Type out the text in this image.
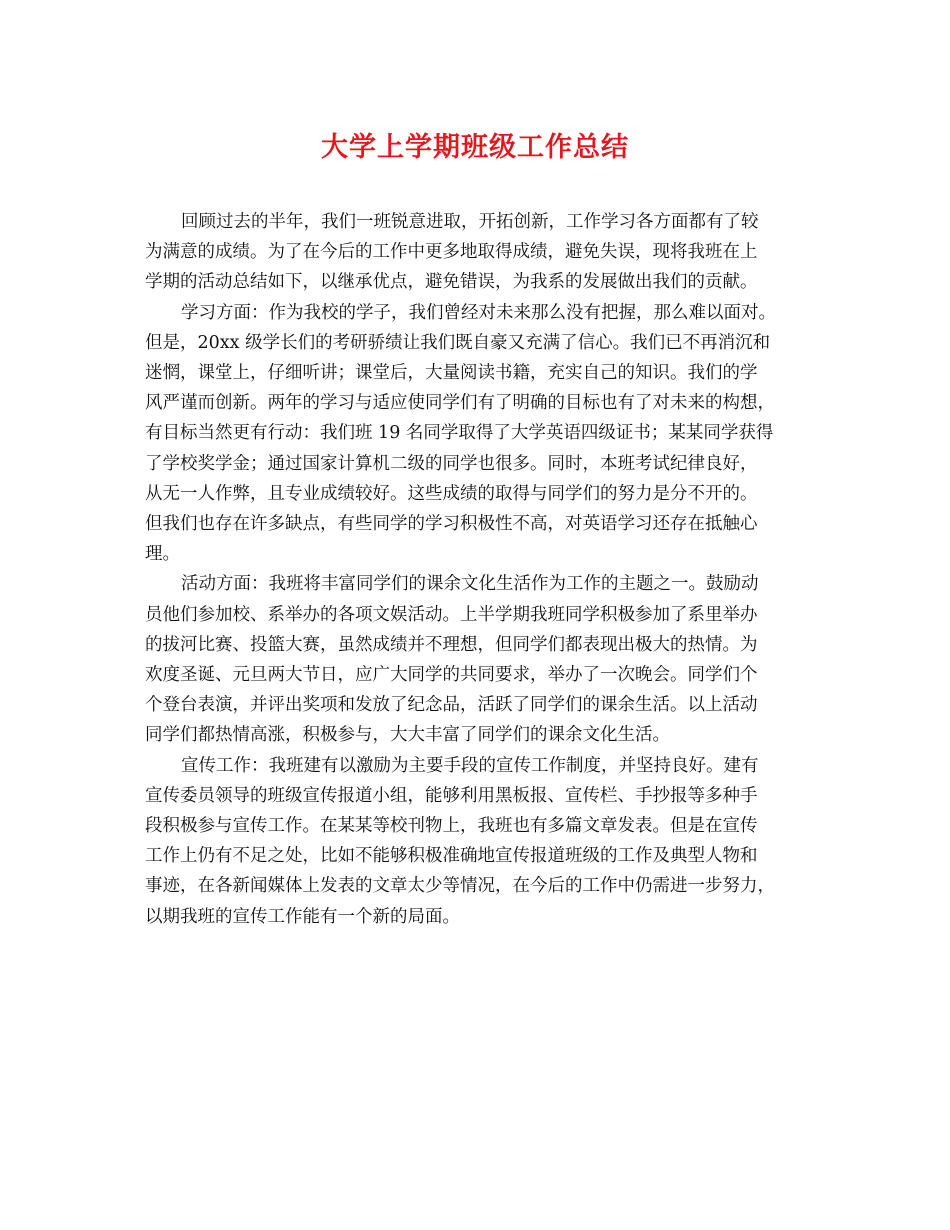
大学上学期班级工作总结

回顾过去的半年，我们一班锐意进取，开拓创新，工作学习各方面都有了较
为满意的成绩。为了在今后的工作中更多地取得成绩，避免失误，现将我班在上
学期的活动总结如下，以继承优点，避免错误，为我系的发展做出我们的贡献。

学习方面：作为我校的学子，我们曾经对未来那么没有把握，那么难以面对。
但是，20xx 级学长们的考研骄绩让我们既自豪又充满了信心。我们已不再消沉和
迷惘，课堂上，仔细听讲；课堂后，大量阅读书籍，充实自己的知识。我们的学
风严谨而创新。两年的学习与适应使同学们有了明确的目标也有了对未来的构想，
有目标当然更有行动：我们班 19 名同学取得了大学英语四级证书；某某同学获得
了学校奖学金；通过国家计算机二级的同学也很多。同时，本班考试纪律良好，
从无一人作弊，且专业成绩较好。这些成绩的取得与同学们的努力是分不开的。
但我们也存在许多缺点，有些同学的学习积极性不高，对英语学习还存在抵触心
理。

活动方面：我班将丰富同学们的课余文化生活作为工作的主题之一。鼓励动
员他们参加校、系举办的各项文娱活动。上半学期我班同学积极参加了系里举办
的拔河比赛、投篮大赛，虽然成绩并不理想，但同学们都表现出极大的热情。为
欢度圣诞、元旦两大节日，应广大同学的共同要求，举办了一次晚会。同学们个
个登台表演，并评出奖项和发放了纪念品，活跃了同学们的课余生活。以上活动
同学们都热情高涨，积极参与，大大丰富了同学们的课余文化生活。

宣传工作：我班建有以激励为主要手段的宣传工作制度，并坚持良好。建有
宣传委员领导的班级宣传报道小组，能够利用黑板报、宣传栏、手抄报等多种手
段积极参与宣传工作。在某某等校刊物上，我班也有多篇文章发表。但是在宣传
工作上仍有不足之处，比如不能够积极准确地宣传报道班级的工作及典型人物和
事迹，在各新闻媒体上发表的文章太少等情况，在今后的工作中仍需进一步努力，
以期我班的宣传工作能有一个新的局面。
